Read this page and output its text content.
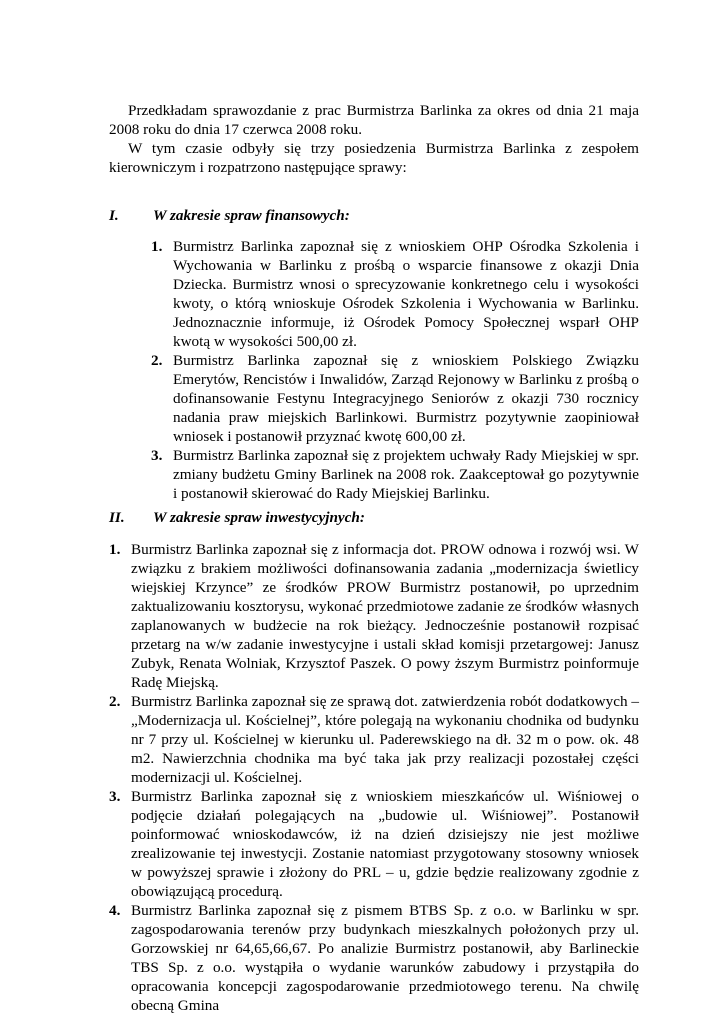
Przedkładam sprawozdanie z prac Burmistrza Barlinka za okres od dnia 21 maja 2008 roku do dnia 17 czerwca 2008 roku.

W tym czasie odbyły się trzy posiedzenia Burmistrza Barlinka z zespołem kierowniczym i rozpatrzono następujące sprawy:

I. W zakresie spraw finansowych:

1. Burmistrz Barlinka zapoznał się z wnioskiem OHP Ośrodka Szkolenia i Wychowania w Barlinku z prośbą o wsparcie finansowe z okazji Dnia Dziecka. Burmistrz wnosi o sprecyzowanie konkretnego celu i wysokości kwoty, o którą wnioskuje Ośrodek Szkolenia i Wychowania w Barlinku. Jednoznacznie informuje, iż Ośrodek Pomocy Społecznej wsparł OHP kwotą w wysokości 500,00 zł.
2. Burmistrz Barlinka zapoznał się z wnioskiem Polskiego Związku Emerytów, Rencistów i Inwalidów, Zarząd Rejonowy w Barlinku z prośbą o dofinansowanie Festynu Integracyjnego Seniorów z okazji 730 rocznicy nadania praw miejskich Barlinkowi. Burmistrz pozytywnie zaopiniował wniosek i postanowił przyznać kwotę 600,00 zł.
3. Burmistrz Barlinka zapoznał się z projektem uchwały Rady Miejskiej w spr. zmiany budżetu Gminy Barlinek na 2008 rok. Zaakceptował go pozytywnie i postanowił skierować do Rady Miejskiej Barlinku.

II. W zakresie spraw inwestycyjnych:

1. Burmistrz Barlinka zapoznał się z informacja dot. PROW odnowa i rozwój wsi. W związku z brakiem możliwości dofinansowania zadania „modernizacja świetlicy wiejskiej Krzynce” ze środków PROW Burmistrz postanowił, po uprzednim zaktualizowaniu kosztorysu, wykonać przedmiotowe zadanie ze środków własnych zaplanowanych w budżecie na rok bieżący. Jednocześnie postanowił rozpisać przetarg na w/w zadanie inwestycyjne i ustali skład komisji przetargowej: Janusz Zubyk, Renata Wolniak, Krzysztof Paszek. O powy ższym Burmistrz poinformuje Radę Miejską.
2. Burmistrz Barlinka zapoznał się ze sprawą dot. zatwierdzenia robót dodatkowych – „Modernizacja ul. Kościelnej”, które polegają na wykonaniu chodnika od budynku nr 7 przy ul. Kościelnej w kierunku ul. Paderewskiego na dł. 32 m o pow. ok. 48 m2. Nawierzchnia chodnika ma być taka jak przy realizacji pozostałej części modernizacji ul. Kościelnej.
3. Burmistrz Barlinka zapoznał się z wnioskiem mieszkańców ul. Wiśniowej o podjęcie działań polegających na „budowie ul. Wiśniowej”. Postanowił poinformować wnioskodawców, iż na dzień dzisiejszy nie jest możliwe zrealizowanie tej inwestycji. Zostanie natomiast przygotowany stosowny wniosek w powyższej sprawie i złożony do PRL – u, gdzie będzie realizowany zgodnie z obowiązującą procedurą.
4. Burmistrz Barlinka zapoznał się z pismem BTBS Sp. z o.o. w Barlinku w spr. zagospodarowania terenów przy budynkach mieszkalnych położonych przy ul. Gorzowskiej nr 64,65,66,67. Po analizie Burmistrz postanowił, aby Barlineckie TBS Sp. z o.o. wystąpiła o wydanie warunków zabudowy i przystąpiła do opracowania koncepcji zagospodarowanie przedmiotowego terenu. Na chwilę obecną Gmina
